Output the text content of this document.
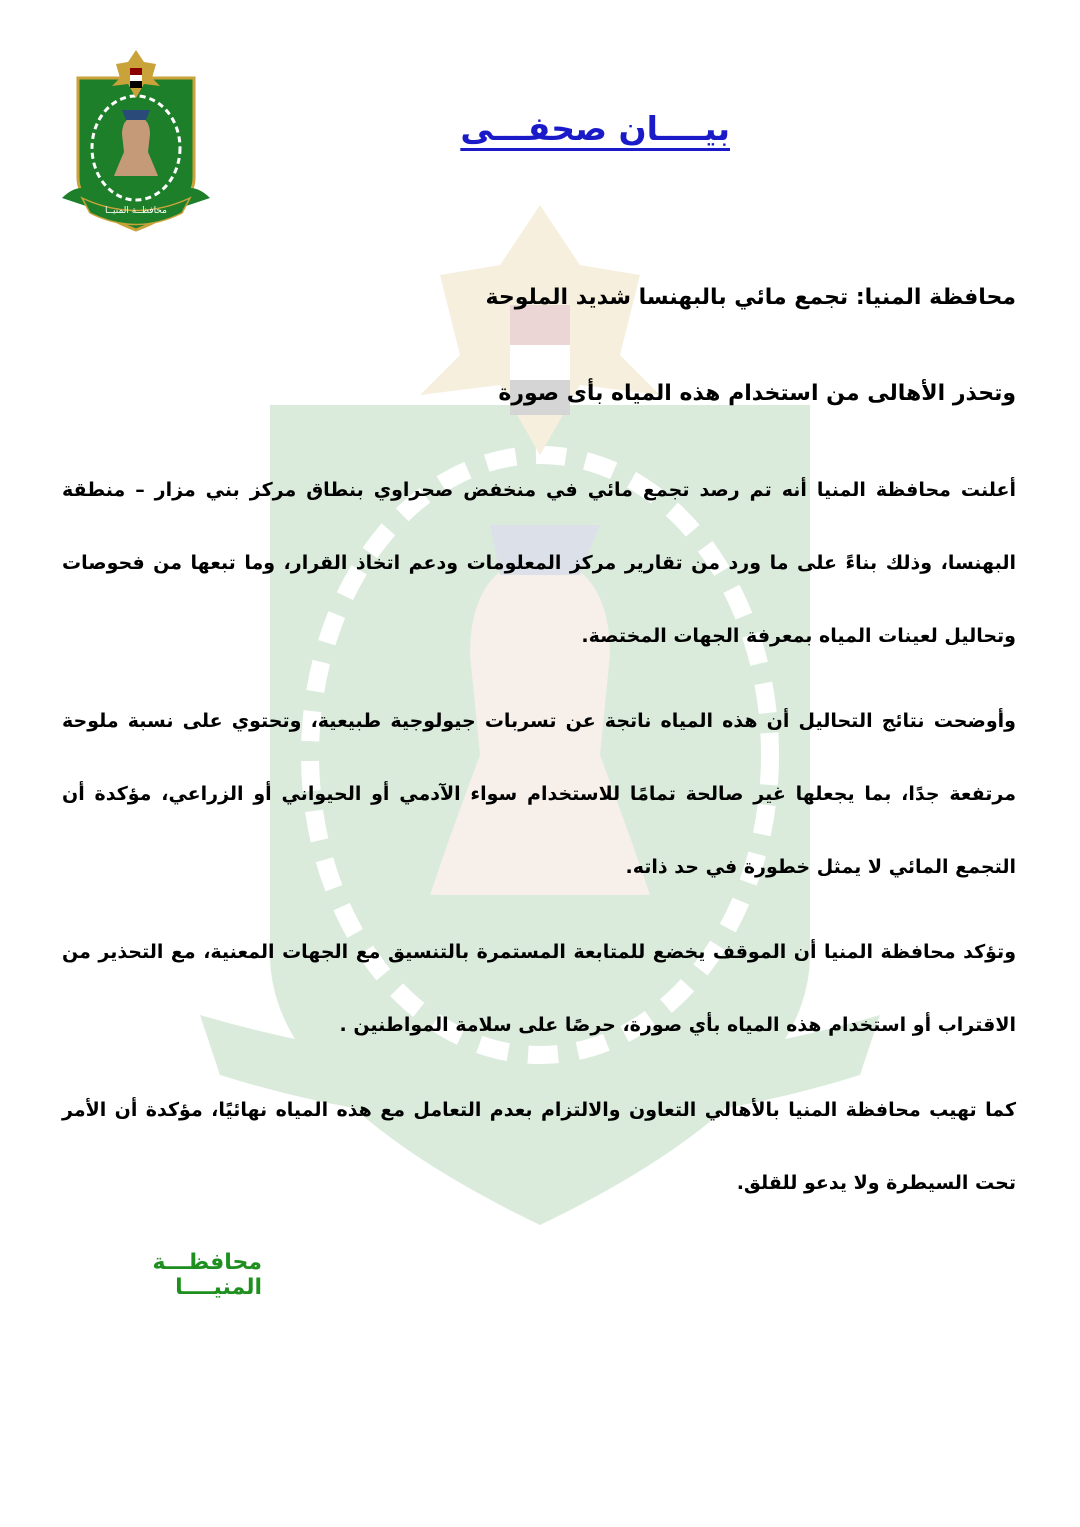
محافظــة المنيــا
بيــــان صحفـــى
محافظة المنيا: تجمع مائي بالبهنسا شديد الملوحة
وتحذر الأهالى من استخدام هذه المياه بأى صورة

أعلنت محافظة المنيا أنه تم رصد تجمع مائي في منخفض صحراوي بنطاق مركز بني مزار – منطقة البهنسا، وذلك بناءً على ما ورد من تقارير مركز المعلومات ودعم اتخاذ القرار، وما تبعها من فحوصات وتحاليل لعينات المياه بمعرفة الجهات المختصة.

وأوضحت نتائج التحاليل أن هذه المياه ناتجة عن تسربات جيولوجية طبيعية، وتحتوي على نسبة ملوحة مرتفعة جدًا، بما يجعلها غير صالحة تمامًا للاستخدام سواء الآدمي أو الحيواني أو الزراعي، مؤكدة أن التجمع المائي لا يمثل خطورة في حد ذاته.

وتؤكد محافظة المنيا أن الموقف يخضع للمتابعة المستمرة بالتنسيق مع الجهات المعنية، مع التحذير من الاقتراب أو استخدام هذه المياه بأي صورة، حرصًا على سلامة المواطنين .

كما تهيب محافظة المنيا بالأهالي التعاون والالتزام بعدم التعامل مع هذه المياه نهائيًا، مؤكدة أن الأمر تحت السيطرة ولا يدعو للقلق.

محافظـــة المنيــــا
